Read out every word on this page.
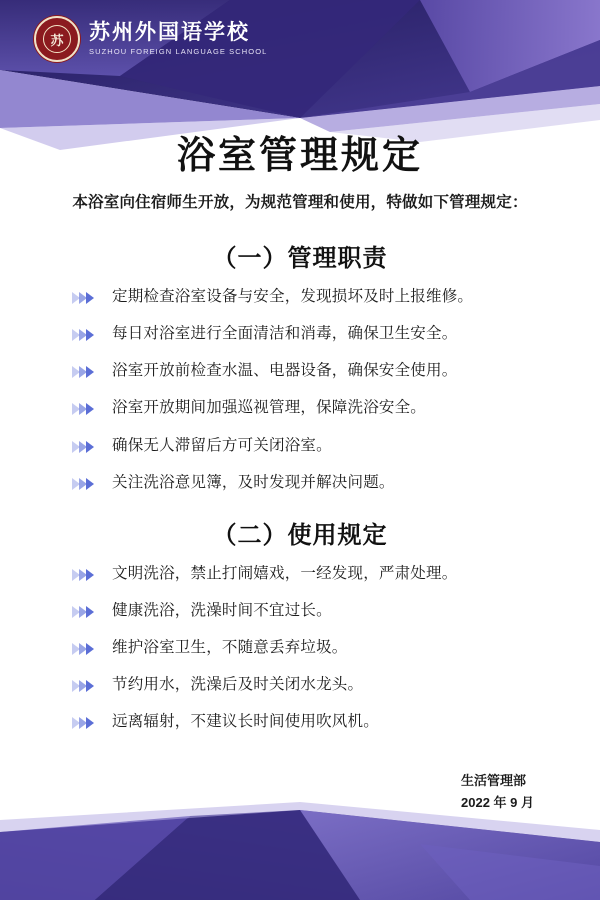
苏	苏州外国语学校
SUZHOU FOREIGN LANGUAGE SCHOOL
浴室管理规定

本浴室向住宿师生开放，为规范管理和使用，特做如下管理规定：

（一）管理职责
定期检查浴室设备与安全，发现损坏及时上报维修。
每日对浴室进行全面清洁和消毒，确保卫生安全。
浴室开放前检查水温、电器设备，确保安全使用。
浴室开放期间加强巡视管理，保障洗浴安全。
确保无人滞留后方可关闭浴室。
关注洗浴意见簿，及时发现并解决问题。
（二）使用规定
文明洗浴，禁止打闹嬉戏，一经发现，严肃处理。
健康洗浴，洗澡时间不宜过长。
维护浴室卫生，不随意丢弃垃圾。
节约用水，洗澡后及时关闭水龙头。
远离辐射，不建议长时间使用吹风机。
生活管理部
2022 年 9 月
